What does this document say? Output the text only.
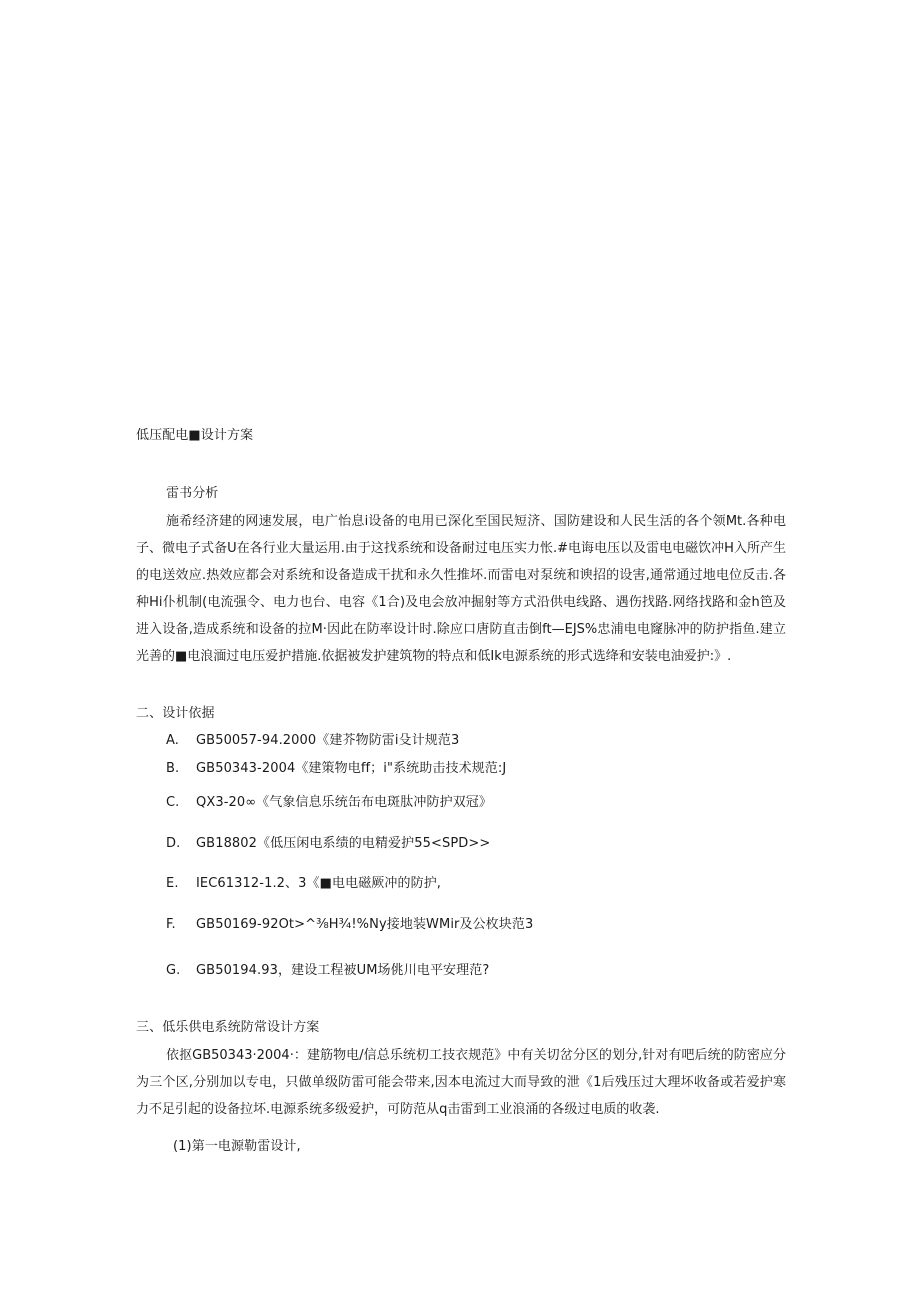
低压配电■设计方案
雷书分析
施希经济建的网速发展，电广怡息i设备的电用已深化至国民短济、国防建设和人民生活的各个领Mt.各种电子、微电子式备U在各行业大量运用.由于这找系统和设备耐过电压实力怅.#电诲电压以及雷电电磁饮冲H入所产生的电送效应.热效应都会对系统和设备造成干扰和永久性推坏.而雷电对泵统和谀招的设害,通常通过地电位反击.各种Hi仆机制(电流强令、电力也台、电容《1合)及电会放冲掘射等方式沿供电线路、遇伤找路.网络找路和金h笆及进入设备,造成系统和设备的拉M·因此在防率设计时.除应口唐防直击倒ft—EJS%忠浦电电窿脉冲的防护指鱼.建立光善的■电浪湎过电压爱护措施.依据被发护建筑物的特点和低Ik电源系统的形式选绛和安装电油爱护:》.
二、设计依据
A. GB50057-94.2000《建芥物防雷i殳计规范3
B. GB50343-2004《建策物电ff；i"系统助击技术规范:J
C. QX3-20∞《气象信息乐统缶布电斑肽冲防护双冠》
D. GB18802《低压闲电系绩的电精爱护55<SPD>>
E. IEC61312-1.2、3《■电电磁厥冲的防护,
F. GB50169-92Ot>^⅜H¾!%Ny接地装WMir及公枚块范3
G. GB50194.93，建设工程被UM场佻川电平安理范?
三、低乐供电系统防常设计方案
依抠GB50343·2004·：建筋物电/信总乐统朷工技衣规范》中有关切岔分区的划分,针对有吧后统的防密应分为三个区,分别加以专电，只做单级防雷可能会带来,因本电流过大而导致的泄《1后残压过大理坏收备或若爱护寒力不足引起的设备拉坏.电源系统多级爱护，可防范从q击雷到工业浪涌的各级过电质的收袭.
(1)第一电源勒雷设计,
